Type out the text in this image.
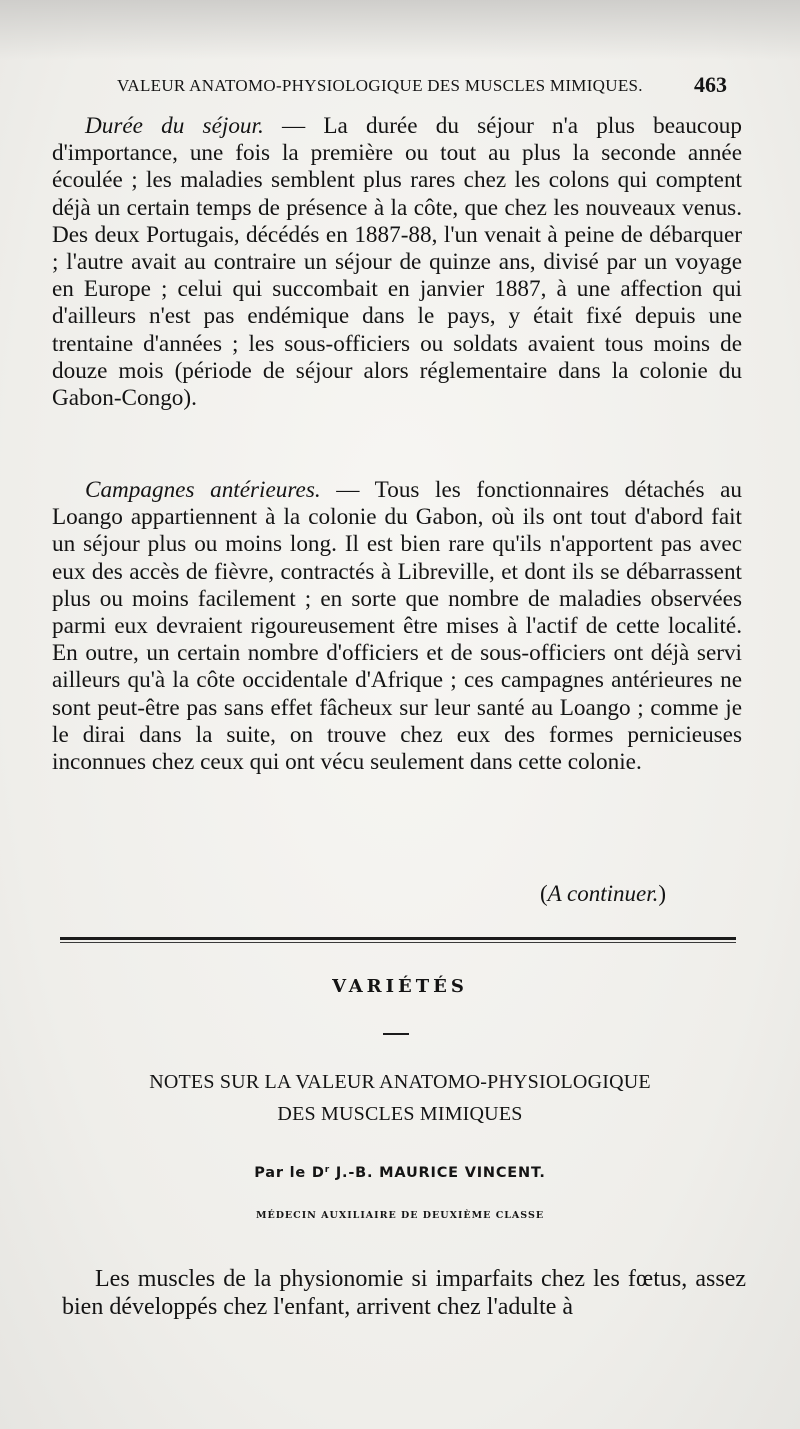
VALEUR ANATOMO-PHYSIOLOGIQUE DES MUSCLES MIMIQUES.	463

Durée du séjour. — La durée du séjour n'a plus beaucoup d'importance, une fois la première ou tout au plus la seconde année écoulée ; les maladies semblent plus rares chez les colons qui comptent déjà un certain temps de présence à la côte, que chez les nouveaux venus. Des deux Portugais, décédés en 1887-88, l'un venait à peine de débarquer ; l'autre avait au contraire un séjour de quinze ans, divisé par un voyage en Europe ; celui qui succombait en janvier 1887, à une affection qui d'ailleurs n'est pas endémique dans le pays, y était fixé depuis une trentaine d'années ; les sous-officiers ou soldats avaient tous moins de douze mois (période de séjour alors réglementaire dans la colonie du Gabon-Congo).

Campagnes antérieures. — Tous les fonctionnaires détachés au Loango appartiennent à la colonie du Gabon, où ils ont tout d'abord fait un séjour plus ou moins long. Il est bien rare qu'ils n'apportent pas avec eux des accès de fièvre, contractés à Libreville, et dont ils se débarrassent plus ou moins facilement ; en sorte que nombre de maladies observées parmi eux devraient rigoureusement être mises à l'actif de cette localité. En outre, un certain nombre d'officiers et de sous-officiers ont déjà servi ailleurs qu'à la côte occidentale d'Afrique ; ces campagnes antérieures ne sont peut-être pas sans effet fâcheux sur leur santé au Loango ; comme je le dirai dans la suite, on trouve chez eux des formes pernicieuses inconnues chez ceux qui ont vécu seulement dans cette colonie.

(A continuer.)
VARIÉTÉS
NOTES SUR LA VALEUR ANATOMO-PHYSIOLOGIQUE
DES MUSCLES MIMIQUES
Par le $D^r$ J.-B. MAURICE VINCENT.
MÉDECIN AUXILIAIRE DE DEUXIÈME CLASSE

Les muscles de la physionomie si imparfaits chez les fœtus, assez bien développés chez l'enfant, arrivent chez l'adulte à
